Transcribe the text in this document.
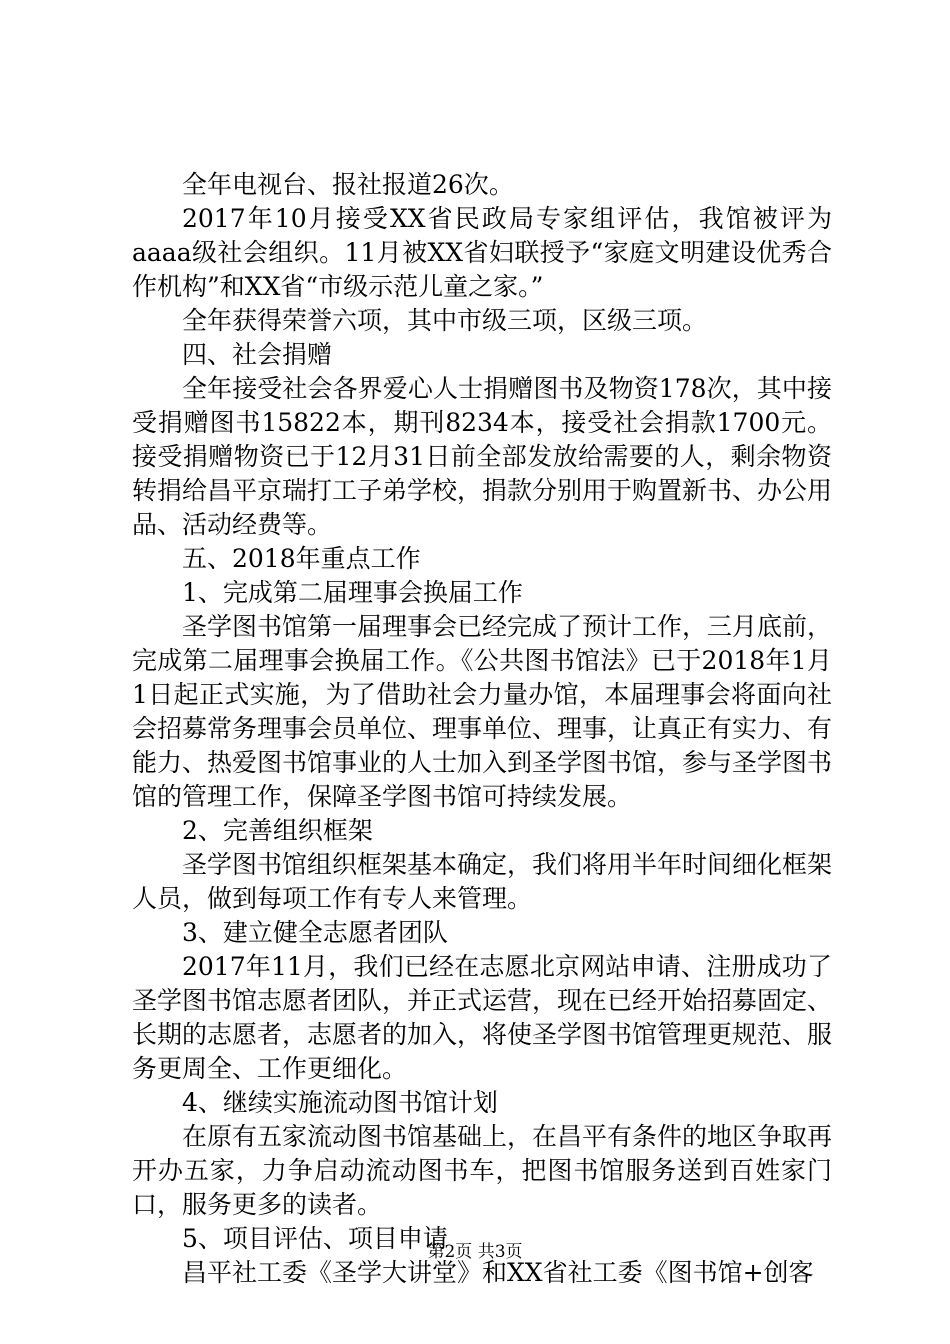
全年电视台、报社报道26次。

2017年10月接受XX省民政局专家组评估，我馆被评为aaaa级社会组织。11月被XX省妇联授予“家庭文明建设优秀合作机构”和XX省“市级示范儿童之家。”

全年获得荣誉六项，其中市级三项，区级三项。

四、社会捐赠

全年接受社会各界爱心人士捐赠图书及物资178次，其中接受捐赠图书15822本，期刊8234本，接受社会捐款1700元。接受捐赠物资已于12月31日前全部发放给需要的人，剩余物资转捐给昌平京瑞打工子弟学校，捐款分别用于购置新书、办公用品、活动经费等。

五、2018年重点工作

1、完成第二届理事会换届工作

圣学图书馆第一届理事会已经完成了预计工作，三月底前，完成第二届理事会换届工作。《公共图书馆法》已于2018年1月1日起正式实施，为了借助社会力量办馆，本届理事会将面向社会招募常务理事会员单位、理事单位、理事，让真正有实力、有能力、热爱图书馆事业的人士加入到圣学图书馆，参与圣学图书馆的管理工作，保障圣学图书馆可持续发展。

2、完善组织框架

圣学图书馆组织框架基本确定，我们将用半年时间细化框架人员，做到每项工作有专人来管理。

3、建立健全志愿者团队

2017年11月，我们已经在志愿北京网站申请、注册成功了圣学图书馆志愿者团队，并正式运营，现在已经开始招募固定、长期的志愿者，志愿者的加入，将使圣学图书馆管理更规范、服务更周全、工作更细化。

4、继续实施流动图书馆计划

在原有五家流动图书馆基础上，在昌平有条件的地区争取再开办五家，力争启动流动图书车，把图书馆服务送到百姓家门口，服务更多的读者。

5、项目评估、项目申请

昌平社工委《圣学大讲堂》和XX省社工委《图书馆+创客

第2页 共3页
